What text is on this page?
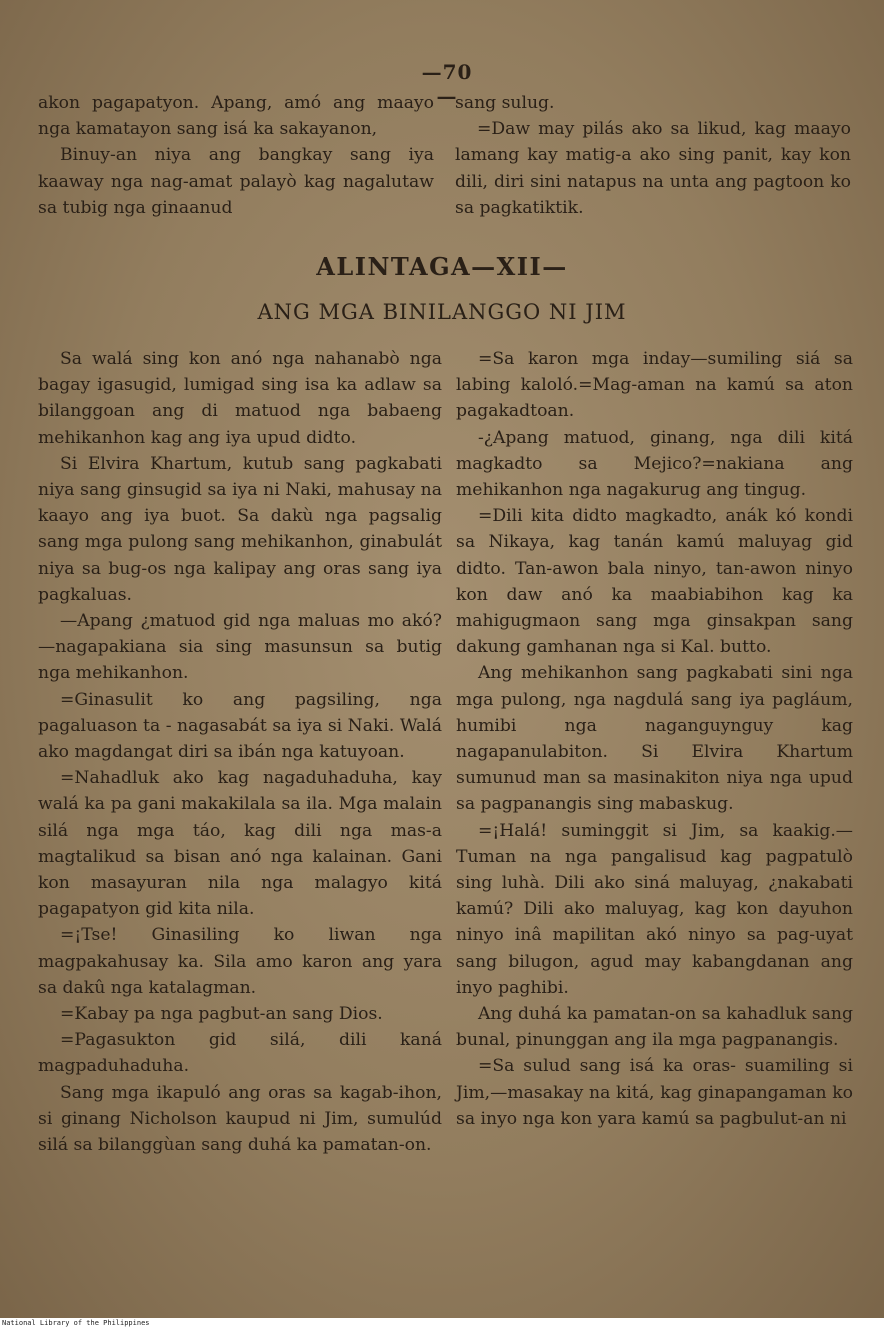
—70—

akon pagapatyon. Apang, amó ang maayo nga kamatayon sang isá ka sakayanon,

Binuy-an niya ang bangkay sang iya kaaway nga nag-amat palayò kag nagalutaw sa tubig nga ginaanud

sang sulug.

=Daw may pilás ako sa likud, kag maayo lamang kay matig-a ako sing panit, kay kon dili, diri sini natapus na unta ang pagtoon ko sa pagkatiktik.

ALINTAGA—XII—
ANG MGA BINILANGGO NI JIM

Sa walá sing kon anó nga nahanabò nga bagay igasugid, lumigad sing isa ka adlaw sa bilanggoan ang di matuod nga babaeng mehikanhon kag ang iya upud didto.

Si Elvira Khartum, kutub sang pagkabati niya sang ginsugid sa iya ni Naki, mahusay na kaayo ang iya buot. Sa dakù nga pagsalig sang mga pulong sang mehikanhon, ginabulát niya sa bug-os nga kalipay ang oras sang iya pagkaluas.

—Apang ¿matuod gid nga maluas mo akó?—nagapakiana sia sing masunsun sa butig nga mehikanhon.

=Ginasulit ko ang pagsiling, nga pagaluason ta - nagasabát sa iya si Naki. Walá ako magdangat diri sa ibán nga katuyoan.

=Nahadluk ako kag nagaduhaduha, kay walá ka pa gani makakilala sa ila. Mga malain silá nga mga táo, kag dili nga mas-a magtalikud sa bisan anó nga kalainan. Gani kon masayuran nila nga malagyo kitá pagapatyon gid kita nila.

=¡Tse! Ginasiling ko liwan nga magpakahusay ka. Sila amo karon ang yara sa dakû nga katalagman.

=Kabay pa nga pagbut-an sang Dios.

=Pagasukton gid silá, dili kaná magpaduhaduha.

Sang mga ikapuló ang oras sa kagab-ihon, si ginang Nicholson kaupud ni Jim, sumulúd silá sa bilanggùan sang duhá ka pamatan-on.

=Sa karon mga inday—sumiling siá sa labing kaloló.=Mag-aman na kamú sa aton pagakadtoan.

-¿Apang matuod, ginang, nga dili kitá magkadto sa Mejico?=nakiana ang mehikanhon nga nagakurug ang tingug.

=Dili kita didto magkadto, anák kó kondi sa Nikaya, kag tanán kamú maluyag gid didto. Tan-awon bala ninyo, tan-awon ninyo kon daw anó ka maabiabihon kag ka mahigugmaon sang mga ginsakpan sang dakung gamhanan nga si Kal. butto.

Ang mehikanhon sang pagkabati sini nga mga pulong, nga nagdulá sang iya pagláum, humibi nga naganguynguy kag nagapanulabiton. Si Elvira Khartum sumunud man sa masinakiton niya nga upud sa pagpanangis sing mabaskug.

=¡Halá! suminggit si Jim, sa kaakig.—Tuman na nga pangalisud kag pagpatulò sing luhà. Dili ako siná maluyag, ¿nakabati kamú? Dili ako maluyag, kag kon dayuhon ninyo inâ mapilitan akó ninyo sa pag-uyat sang bilugon, agud may kabangdanan ang inyo paghibi.

Ang duhá ka pamatan-on sa kahadluk sang bunal, pinunggan ang ila mga pagpanangis.

=Sa sulud sang isá ka oras- suamiling si Jim,—masakay na kitá, kag ginapangaman ko sa inyo nga kon yara kamú sa pagbulut-an ni

National Library of the Philippines
